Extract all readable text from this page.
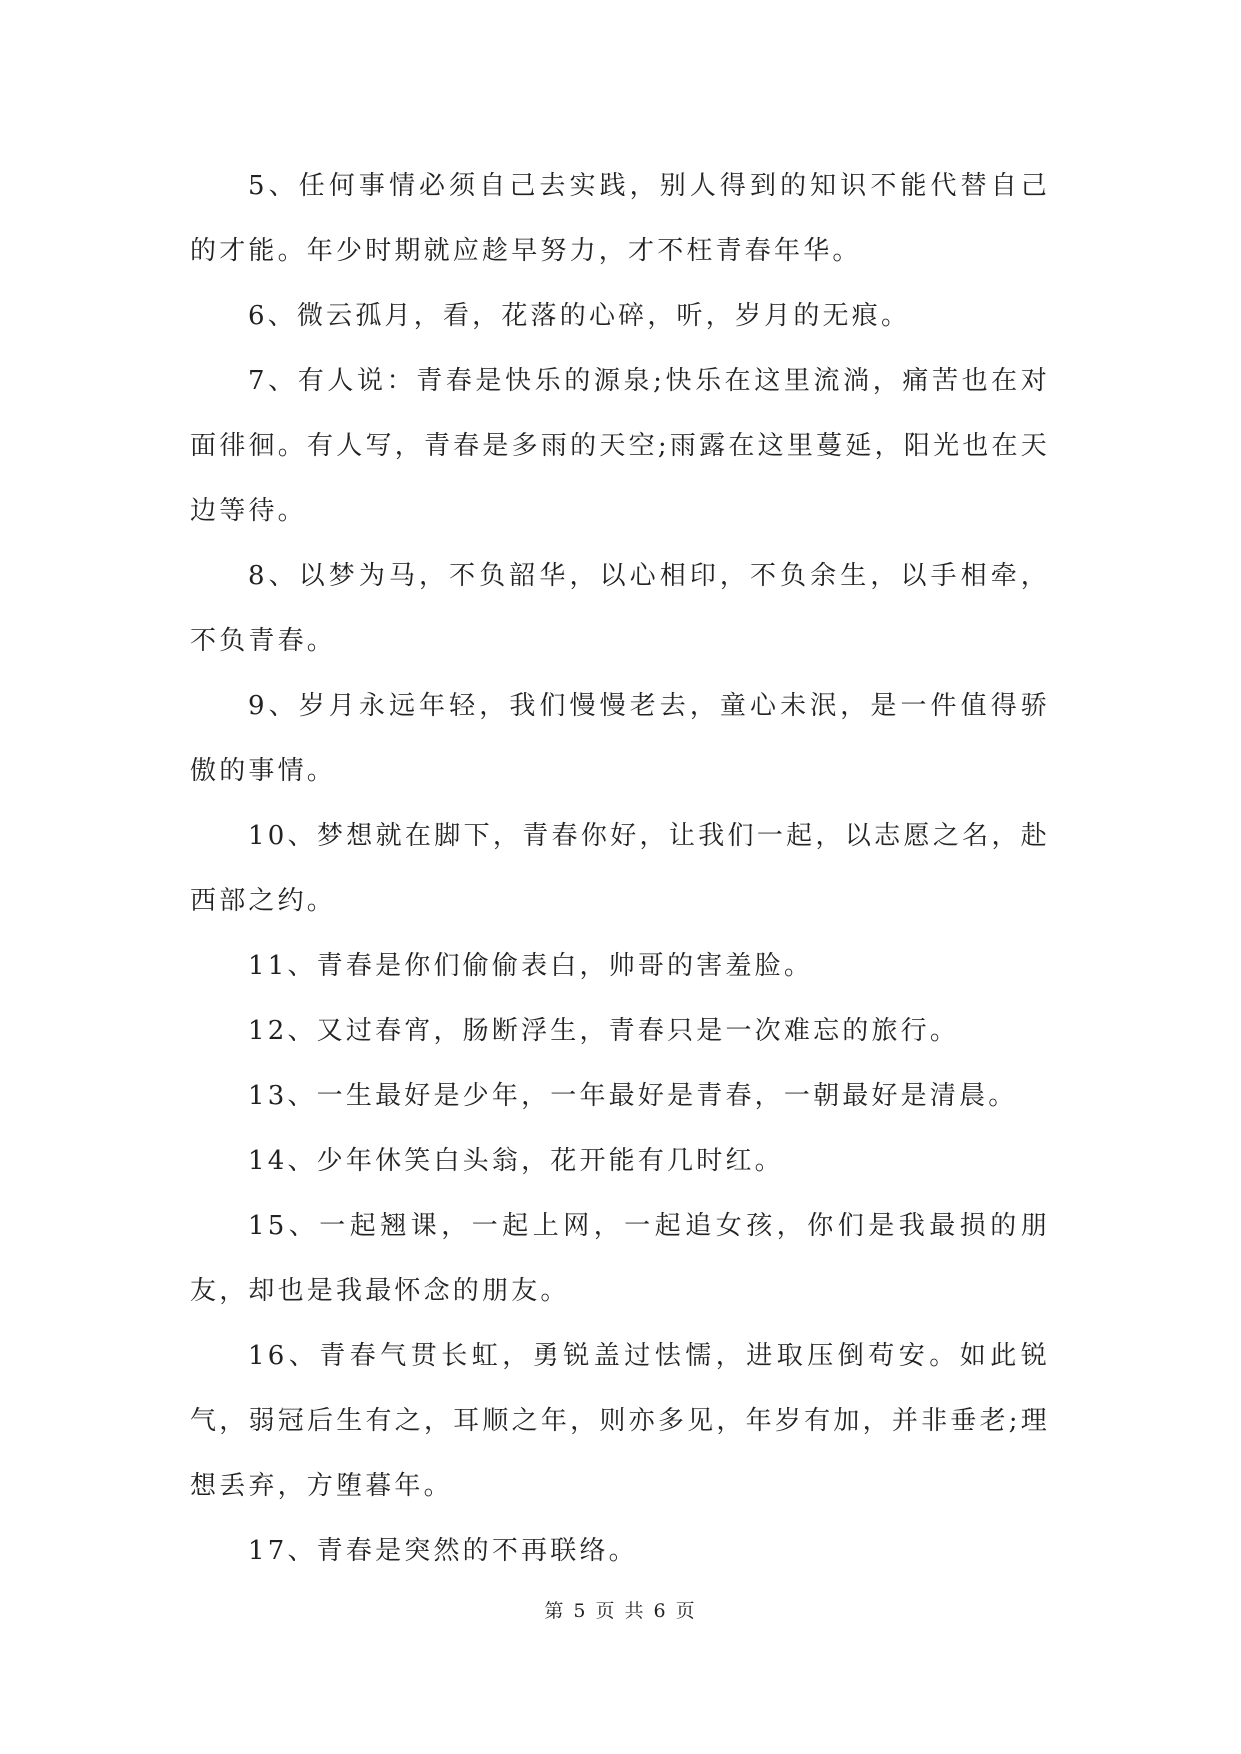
5、任何事情必须自己去实践，别人得到的知识不能代替自己的才能。年少时期就应趁早努力，才不枉青春年华。

6、微云孤月，看，花落的心碎，听，岁月的无痕。

7、有人说：青春是快乐的源泉;快乐在这里流淌，痛苦也在对面徘徊。有人写，青春是多雨的天空;雨露在这里蔓延，阳光也在天边等待。

8、以梦为马，不负韶华，以心相印，不负余生，以手相牵，不负青春。

9、岁月永远年轻，我们慢慢老去，童心未泯，是一件值得骄傲的事情。

10、梦想就在脚下，青春你好，让我们一起，以志愿之名，赴西部之约。

11、青春是你们偷偷表白，帅哥的害羞脸。

12、又过春宵，肠断浮生，青春只是一次难忘的旅行。

13、一生最好是少年，一年最好是青春，一朝最好是清晨。

14、少年休笑白头翁，花开能有几时红。

15、一起翘课，一起上网，一起追女孩，你们是我最损的朋友，却也是我最怀念的朋友。

16、青春气贯长虹，勇锐盖过怯懦，进取压倒苟安。如此锐气，弱冠后生有之，耳顺之年，则亦多见，年岁有加，并非垂老;理想丢弃，方堕暮年。

17、青春是突然的不再联络。

第 5 页 共 6 页
